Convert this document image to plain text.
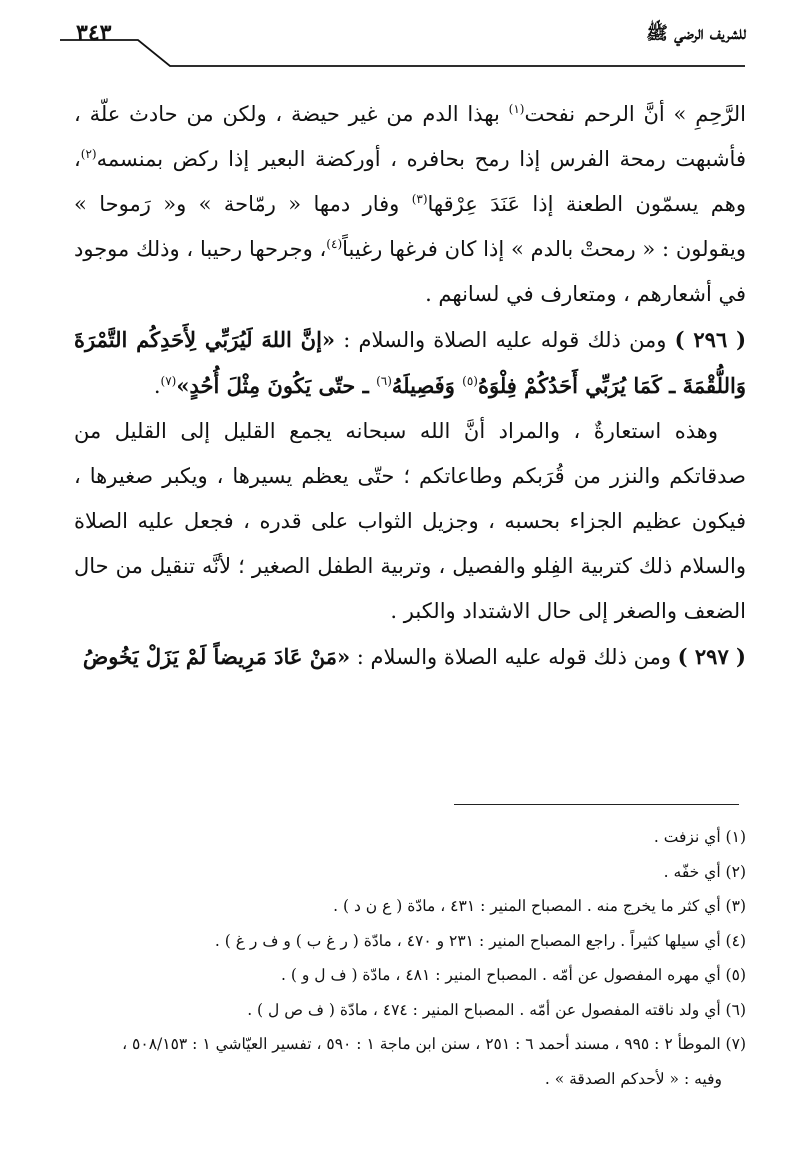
للشريف الرضي ﷺ
٣٤٣

الرَّحِمِ » أنَّ الرحم نفحت$^{(١)}$ بهذا الدم من غير حيضة ، ولكن من حادث علّة ، فأشبهت رمحة الفرس إذا رمح بحافره ، أوركضة البعير إذا ركض بمنسمه$^{(٢)}$، وهم يسمّون الطعنة إذا عَنَدَ عِرْقها$^{(٣)}$ وفار دمها « رمّاحة » و« رَموحا » ويقولون : « رمحتْ بالدم » إذا كان فرغها رغيباً$^{(٤)}$، وجرحها رحيبا ، وذلك موجود في أشعارهم ، ومتعارف في لسانهم .

( ٢٩٦ ) ومن ذلك قوله عليه الصلاة والسلام : «إنَّ اللهَ لَيُرَبِّي لِأَحَدِكُم التَّمْرَةَ وَاللُّقْمَةَ ـ كَمَا يُرَبِّي أَحَدُكُمْ فِلْوَهُ$^{(٥)}$ وَفَصِيلَهُ$^{(٦)}$ ـ حتّى يَكُونَ مِثْلَ أُحُدٍ»$^{(٧)}$.

وهذه استعارةٌ ، والمراد أنَّ الله سبحانه يجمع القليل إلى القليل من صدقاتكم والنزر من قُرَبكم وطاعاتكم ؛ حتّى يعظم يسيرها ، ويكبر صغيرها ، فيكون عظيم الجزاء بحسبه ، وجزيل الثواب على قدره ، فجعل عليه الصلاة والسلام ذلك كتربية الفِلو والفصيل ، وتربية الطفل الصغير ؛ لأنَّه تنقيل من حال الضعف والصغر إلى حال الاشتداد والكبر .

( ٢٩٧ ) ومن ذلك قوله عليه الصلاة والسلام : «مَنْ عَادَ مَرِيضاً لَمْ يَزَلْ يَخُوضُ

(١) أي نزفت .
(٢) أي خفّه .
(٣) أي كثر ما يخرج منه . المصباح المنير : ٤٣١ ، مادّة ( ع ن د ) .
(٤) أي سيلها كثيراً . راجع المصباح المنير : ٢٣١ و ٤٧٠ ، مادّة ( ر غ ب ) و ف ر غ ) .
(٥) أي مهره المفصول عن أمّه . المصباح المنير : ٤٨١ ، مادّة ( ف ل و ) .
(٦) أي ولد ناقته المفصول عن أمّه . المصباح المنير : ٤٧٤ ، مادّة ( ف ص ل ) .
(٧) الموطأ ٢ : ٩٩٥ ، مسند أحمد ٦ : ٢٥١ ، سنن ابن ماجة ١ : ٥٩٠ ، تفسير العيّاشي ١ : ٥٠٨/١٥٣ ،
وفيه : « لأحدكم الصدقة » .
